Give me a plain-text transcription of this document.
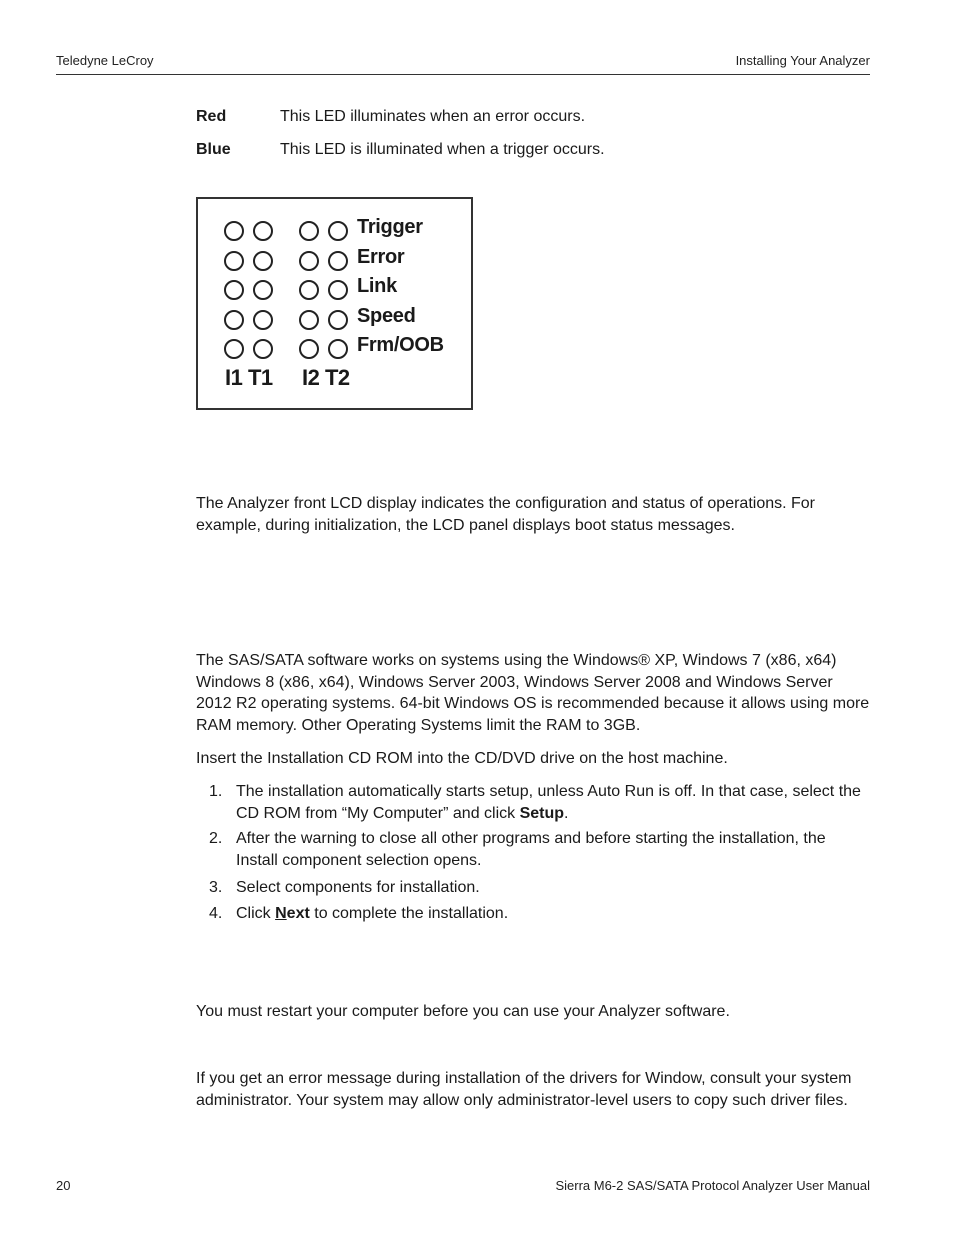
Teledyne LeCroy	Installing Your Analyzer
Red	This LED illuminates when an error occurs.
Blue	This LED is illuminated when a trigger occurs.
Trigger
Error
Link
Speed
Frm/OOB
I1 T1 I2 T2

The Analyzer front LCD display indicates the configuration and status of operations. For example, during initialization, the LCD panel displays boot status messages.

The SAS/SATA software works on systems using the Windows® XP, Windows 7 (x86, x64) Windows 8 (x86, x64), Windows Server 2003, Windows Server 2008 and Windows Server 2012 R2 operating systems. 64-bit Windows OS is recommended because it allows using more RAM memory. Other Operating Systems limit the RAM to 3GB.

Insert the Installation CD ROM into the CD/DVD drive on the host machine.

1. The installation automatically starts setup, unless Auto Run is off. In that case, select the CD ROM from “My Computer” and click Setup.
2. After the warning to close all other programs and before starting the installation, the Install component selection opens.
3. Select components for installation.
4. Click Next to complete the installation.

You must restart your computer before you can use your Analyzer software.

If you get an error message during installation of the drivers for Window, consult your system administrator. Your system may allow only administrator-level users to copy such driver files.

20	Sierra M6-2 SAS/SATA Protocol Analyzer User Manual
